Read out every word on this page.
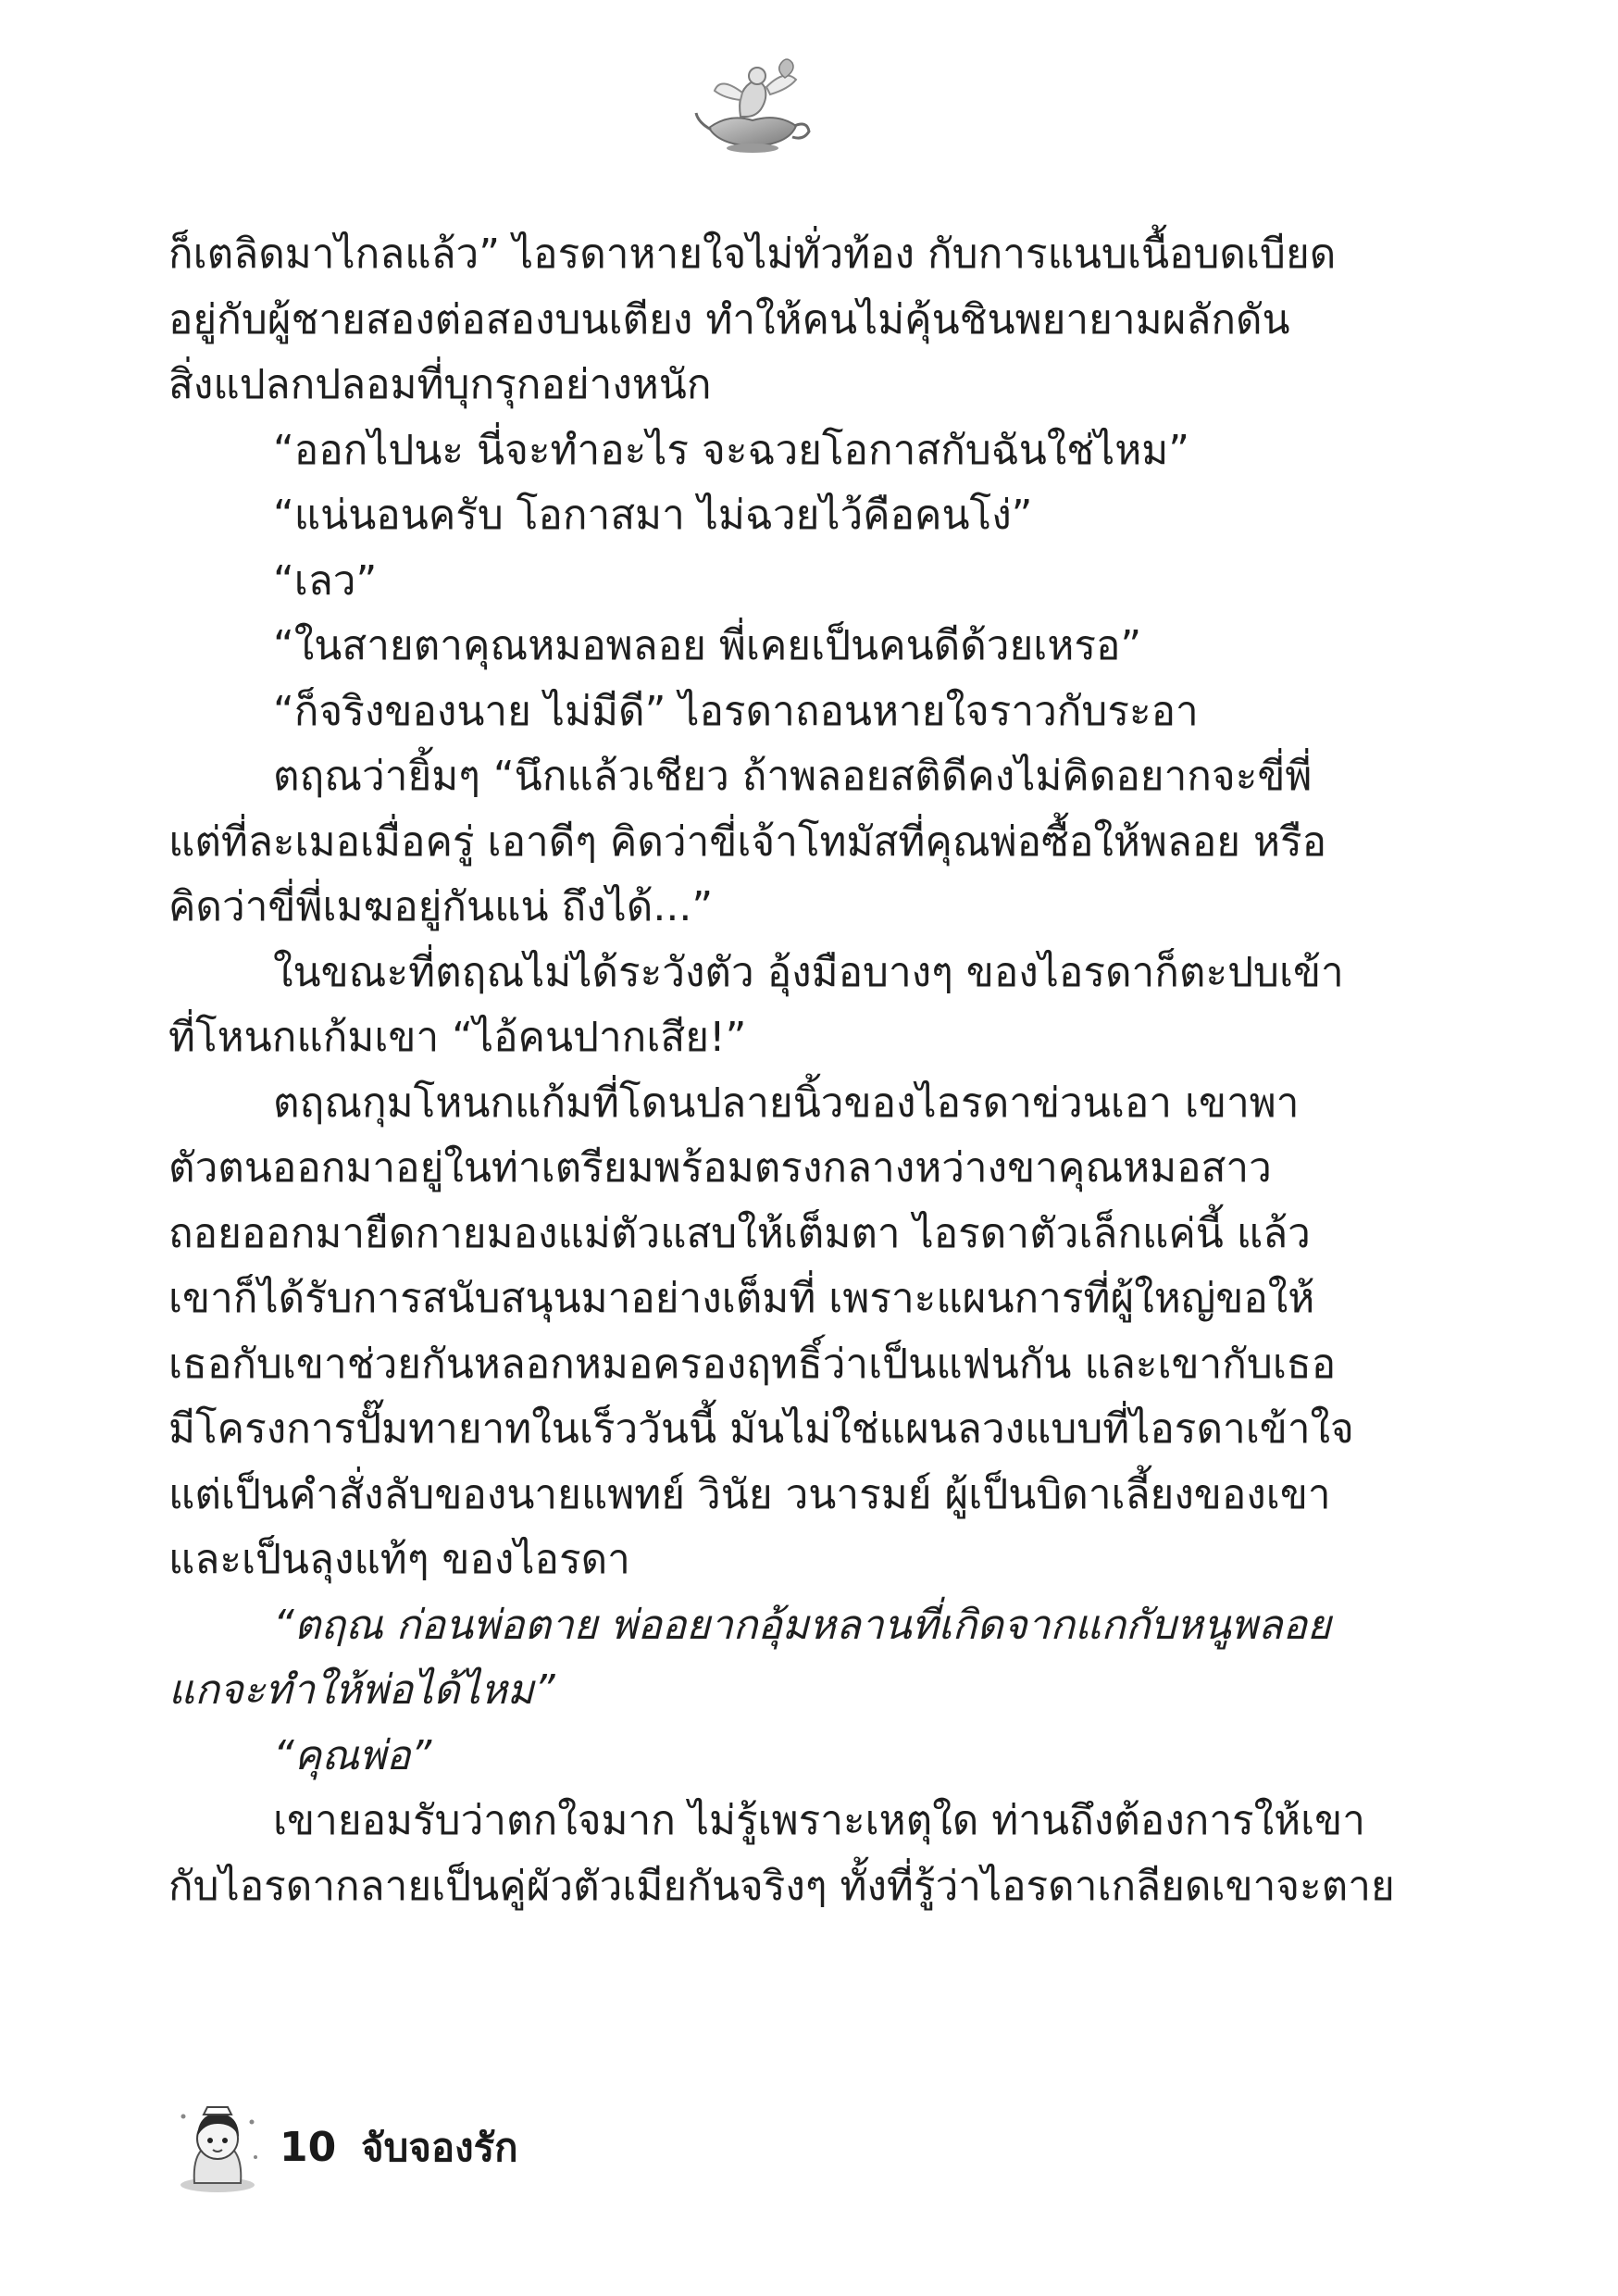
ก็เตลิดมาไกลแล้ว” ไอรดาหายใจไม่ทั่วท้อง กับการแนบเนื้อบดเบียด
อยู่กับผู้ชายสองต่อสองบนเตียง ทำให้คนไม่คุ้นชินพยายามผลักดัน
สิ่งแปลกปลอมที่บุกรุกอย่างหนัก
“ออกไปนะ นี่จะทำอะไร จะฉวยโอกาสกับฉันใช่ไหม”
“แน่นอนครับ โอกาสมา ไม่ฉวยไว้คือคนโง่”
“เลว”
“ในสายตาคุณหมอพลอย พี่เคยเป็นคนดีด้วยเหรอ”
“ก็จริงของนาย ไม่มีดี” ไอรดาถอนหายใจราวกับระอา
ตฤณว่ายิ้มๆ “นึกแล้วเชียว ถ้าพลอยสติดีคงไม่คิดอยากจะขี่พี่
แต่ที่ละเมอเมื่อครู่ เอาดีๆ คิดว่าขี่เจ้าโทมัสที่คุณพ่อซื้อให้พลอย หรือ
คิดว่าขี่พี่เมฆอยู่กันแน่ ถึงได้...”
ในขณะที่ตฤณไม่ได้ระวังตัว อุ้งมือบางๆ ของไอรดาก็ตะปบเข้า
ที่โหนกแก้มเขา “ไอ้คนปากเสีย!”
ตฤณกุมโหนกแก้มที่โดนปลายนิ้วของไอรดาข่วนเอา เขาพา
ตัวตนออกมาอยู่ในท่าเตรียมพร้อมตรงกลางหว่างขาคุณหมอสาว
ถอยออกมายืดกายมองแม่ตัวแสบให้เต็มตา ไอรดาตัวเล็กแค่นี้ แล้ว
เขาก็ได้รับการสนับสนุนมาอย่างเต็มที่ เพราะแผนการที่ผู้ใหญ่ขอให้
เธอกับเขาช่วยกันหลอกหมอครองฤทธิ์ว่าเป็นแฟนกัน และเขากับเธอ
มีโครงการปั๊มทายาทในเร็ววันนี้ มันไม่ใช่แผนลวงแบบที่ไอรดาเข้าใจ
แต่เป็นคำสั่งลับของนายแพทย์ วินัย วนารมย์ ผู้เป็นบิดาเลี้ยงของเขา
และเป็นลุงแท้ๆ ของไอรดา
“ตฤณ ก่อนพ่อตาย พ่ออยากอุ้มหลานที่เกิดจากแกกับหนูพลอย
แกจะทำให้พ่อได้ไหม”
“คุณพ่อ”
เขายอมรับว่าตกใจมาก ไม่รู้เพราะเหตุใด ท่านถึงต้องการให้เขา
กับไอรดากลายเป็นคู่ผัวตัวเมียกันจริงๆ ทั้งที่รู้ว่าไอรดาเกลียดเขาจะตาย
10 จับจองรัก
